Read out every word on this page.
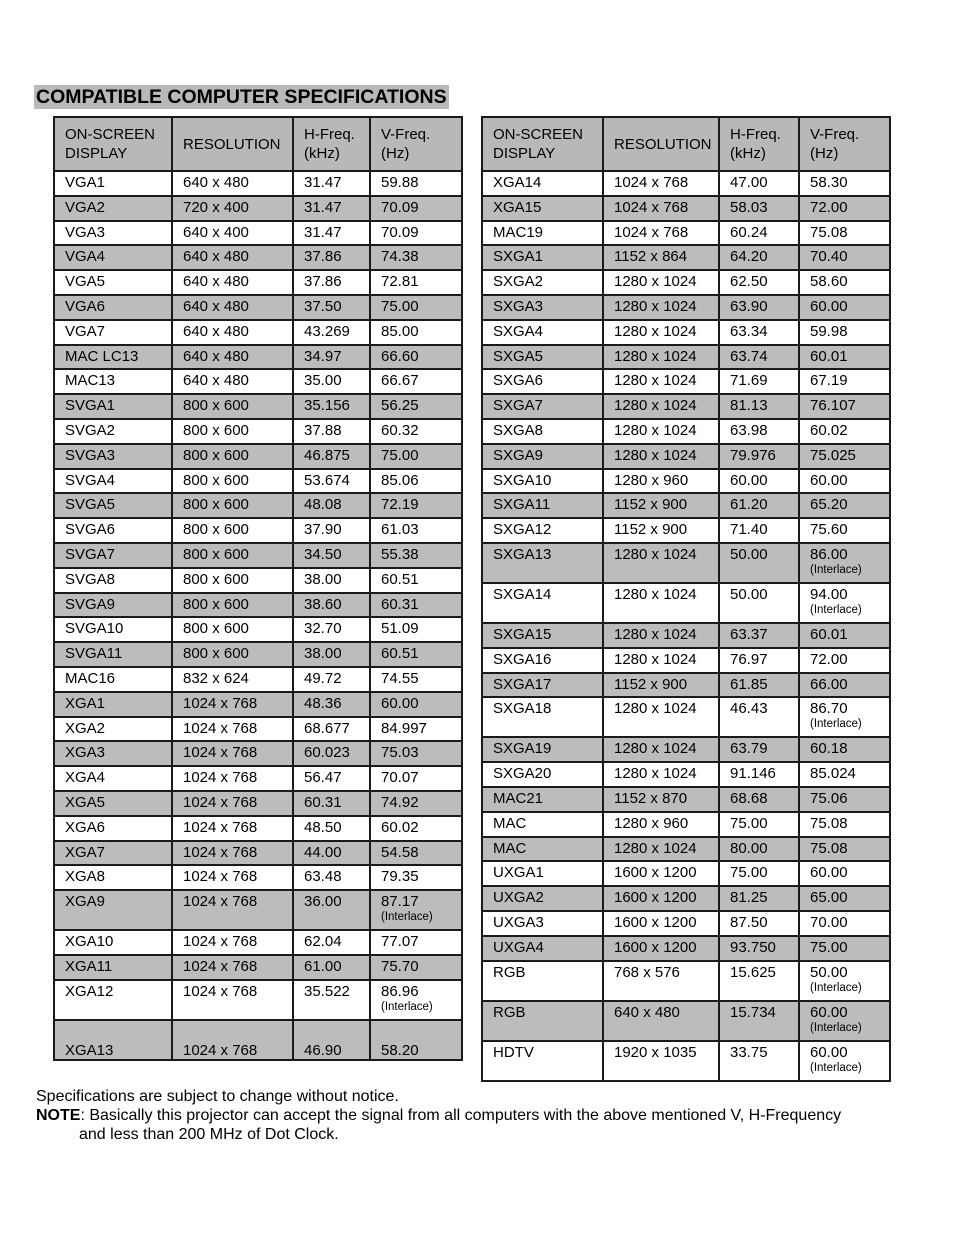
COMPATIBLE COMPUTER SPECIFICATIONS
ON-SCREEN DISPLAY	RESOLUTION	H-Freq. (kHz)	V-Freq. (Hz)
VGA1	640 x 480	31.47	59.88
VGA2	720 x 400	31.47	70.09
VGA3	640 x 400	31.47	70.09
VGA4	640 x 480	37.86	74.38
VGA5	640 x 480	37.86	72.81
VGA6	640 x 480	37.50	75.00
VGA7	640 x 480	43.269	85.00
MAC LC13	640 x 480	34.97	66.60
MAC13	640 x 480	35.00	66.67
SVGA1	800 x 600	35.156	56.25
SVGA2	800 x 600	37.88	60.32
SVGA3	800 x 600	46.875	75.00
SVGA4	800 x 600	53.674	85.06
SVGA5	800 x 600	48.08	72.19
SVGA6	800 x 600	37.90	61.03
SVGA7	800 x 600	34.50	55.38
SVGA8	800 x 600	38.00	60.51
SVGA9	800 x 600	38.60	60.31
SVGA10	800 x 600	32.70	51.09
SVGA11	800 x 600	38.00	60.51
MAC16	832 x 624	49.72	74.55
XGA1	1024 x 768	48.36	60.00
XGA2	1024 x 768	68.677	84.997
XGA3	1024 x 768	60.023	75.03
XGA4	1024 x 768	56.47	70.07
XGA5	1024 x 768	60.31	74.92
XGA6	1024 x 768	48.50	60.02
XGA7	1024 x 768	44.00	54.58
XGA8	1024 x 768	63.48	79.35
XGA9	1024 x 768	36.00	87.17
(Interlace)

XGA10	1024 x 768	62.04	77.07
XGA11	1024 x 768	61.00	75.70
XGA12	1024 x 768	35.522	86.96
(Interlace)

XGA13	1024 x 768	46.90	58.20
ON-SCREEN DISPLAY	RESOLUTION	H-Freq. (kHz)	V-Freq. (Hz)
XGA14	1024 x 768	47.00	58.30
XGA15	1024 x 768	58.03	72.00
MAC19	1024 x 768	60.24	75.08
SXGA1	1152 x 864	64.20	70.40
SXGA2	1280 x 1024	62.50	58.60
SXGA3	1280 x 1024	63.90	60.00
SXGA4	1280 x 1024	63.34	59.98
SXGA5	1280 x 1024	63.74	60.01
SXGA6	1280 x 1024	71.69	67.19
SXGA7	1280 x 1024	81.13	76.107
SXGA8	1280 x 1024	63.98	60.02
SXGA9	1280 x 1024	79.976	75.025
SXGA10	1280 x 960	60.00	60.00
SXGA11	1152 x 900	61.20	65.20
SXGA12	1152 x 900	71.40	75.60
SXGA13	1280 x 1024	50.00	86.00
(Interlace)

SXGA14	1280 x 1024	50.00	94.00
(Interlace)

SXGA15	1280 x 1024	63.37	60.01
SXGA16	1280 x 1024	76.97	72.00
SXGA17	1152 x 900	61.85	66.00
SXGA18	1280 x 1024	46.43	86.70
(Interlace)

SXGA19	1280 x 1024	63.79	60.18
SXGA20	1280 x 1024	91.146	85.024
MAC21	1152 x 870	68.68	75.06
MAC	1280 x 960	75.00	75.08
MAC	1280 x 1024	80.00	75.08
UXGA1	1600 x 1200	75.00	60.00
UXGA2	1600 x 1200	81.25	65.00
UXGA3	1600 x 1200	87.50	70.00
UXGA4	1600 x 1200	93.750	75.00
RGB	768 x 576	15.625	50.00
(Interlace)

RGB	640 x 480	15.734	60.00
(Interlace)

HDTV	1920 x 1035	33.75	60.00
(Interlace)

Specifications are subject to change without notice.

NOTE: Basically this projector can accept the signal from all computers with the above mentioned V, H-Frequency

and less than 200 MHz of Dot Clock.
